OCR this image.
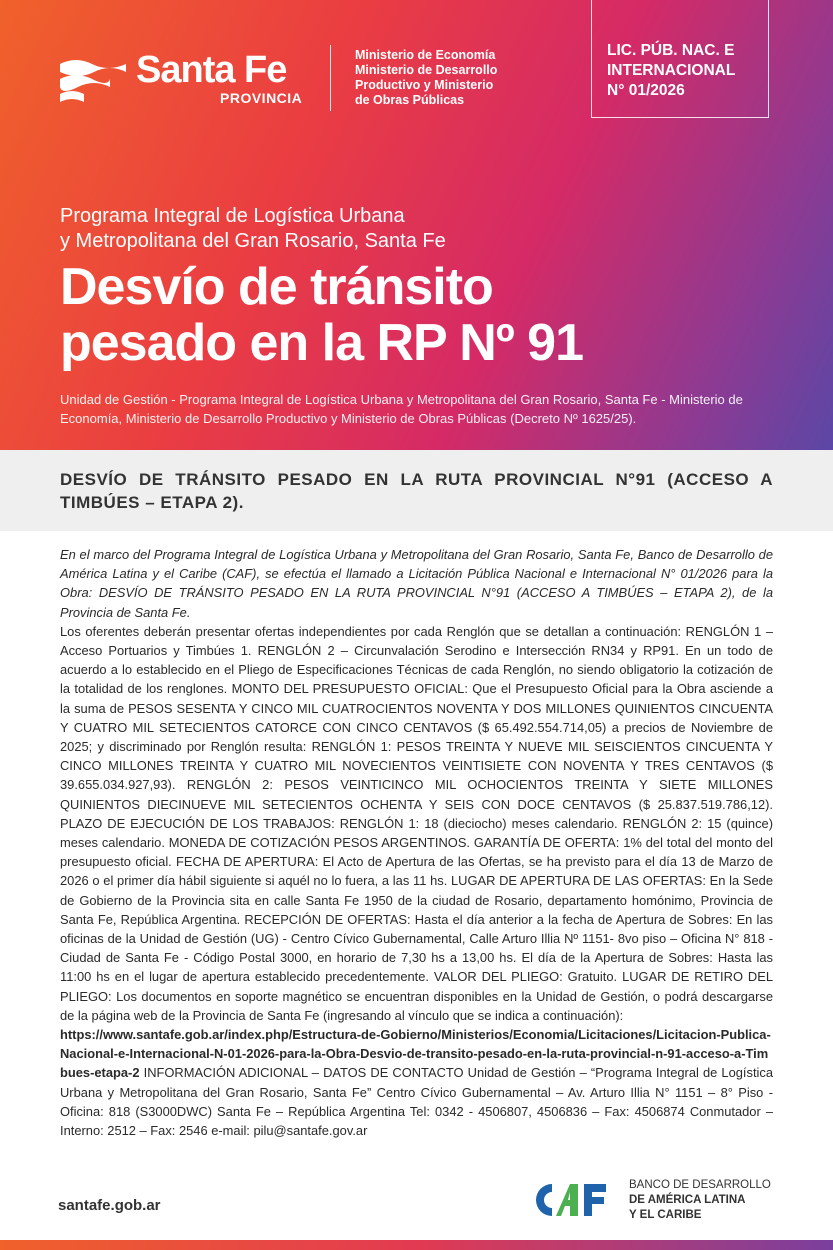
Santa Fe
PROVINCIA
Ministerio de Economía
Ministerio de Desarrollo
Productivo y Ministerio
de Obras Públicas
LIC. PÚB. NAC. E
INTERNACIONAL
N° 01/2026
Programa Integral de Logística Urbana
y Metropolitana del Gran Rosario, Santa Fe
Desvío de tránsito
pesado en la RP Nº 91
Unidad de Gestión - Programa Integral de Logística Urbana y Metropolitana del Gran Rosario, Santa Fe - Ministerio de Economía, Ministerio de Desarrollo Productivo y Ministerio de Obras Públicas (Decreto Nº 1625/25).
DESVÍO DE TRÁNSITO PESADO EN LA RUTA PROVINCIAL N°91 (ACCESO A TIMBÚES – ETAPA 2).

En el marco del Programa Integral de Logística Urbana y Metropolitana del Gran Rosario, Santa Fe, Banco de Desarrollo de América Latina y el Caribe (CAF), se efectúa el llamado a Licitación Pública Nacional e Internacional N° 01/2026 para la Obra: DESVÍO DE TRÁNSITO PESADO EN LA RUTA PROVINCIAL N°91 (ACCESO A TIMBÚES – ETAPA 2), de la Provincia de Santa Fe.

Los oferentes deberán presentar ofertas independientes por cada Renglón que se detallan a continuación: RENGLÓN 1 – Acceso Portuarios y Timbúes 1. RENGLÓN 2 – Circunvalación Serodino e Intersección RN34 y RP91. En un todo de acuerdo a lo establecido en el Pliego de Especificaciones Técnicas de cada Renglón, no siendo obligatorio la cotización de la totalidad de los renglones. MONTO DEL PRESUPUESTO OFICIAL: Que el Presupuesto Oficial para la Obra asciende a la suma de PESOS SESENTA Y CINCO MIL CUATROCIENTOS NOVENTA Y DOS MILLONES QUINIENTOS CINCUENTA Y CUATRO MIL SETECIENTOS CATORCE CON CINCO CENTAVOS ($ 65.492.554.714,05) a precios de Noviembre de 2025; y discriminado por Renglón resulta: RENGLÓN 1: PESOS TREINTA Y NUEVE MIL SEISCIENTOS CINCUENTA Y CINCO MILLONES TREINTA Y CUATRO MIL NOVECIENTOS VEINTISIETE CON NOVENTA Y TRES CENTAVOS ($ 39.655.034.927,93). RENGLÓN 2: PESOS VEINTICINCO MIL OCHOCIENTOS TREINTA Y SIETE MILLONES QUINIENTOS DIECINUEVE MIL SETECIENTOS OCHENTA Y SEIS CON DOCE CENTAVOS ($ 25.837.519.786,12). PLAZO DE EJECUCIÓN DE LOS TRABAJOS: RENGLÓN 1: 18 (dieciocho) meses calendario. RENGLÓN 2: 15 (quince) meses calendario. MONEDA DE COTIZACIÓN PESOS ARGENTINOS. GARANTÍA DE OFERTA: 1% del total del monto del presupuesto oficial. FECHA DE APERTURA: El Acto de Apertura de las Ofertas, se ha previsto para el día 13 de Marzo de 2026 o el primer día hábil siguiente si aquél no lo fuera, a las 11 hs. LUGAR DE APERTURA DE LAS OFERTAS: En la Sede de Gobierno de la Provincia sita en calle Santa Fe 1950 de la ciudad de Rosario, departamento homónimo, Provincia de Santa Fe, República Argentina. RECEPCIÓN DE OFERTAS: Hasta el día anterior a la fecha de Apertura de Sobres: En las oficinas de la Unidad de Gestión (UG) - Centro Cívico Gubernamental, Calle Arturo Illia Nº 1151- 8vo piso – Oficina N° 818 - Ciudad de Santa Fe - Código Postal 3000, en horario de 7,30 hs a 13,00 hs. El día de la Apertura de Sobres: Hasta las 11:00 hs en el lugar de apertura establecido precedentemente. VALOR DEL PLIEGO: Gratuito. LUGAR DE RETIRO DEL PLIEGO: Los documentos en soporte magnético se encuentran disponibles en la Unidad de Gestión, o podrá descargarse de la página web de la Provincia de Santa Fe (ingresando al vínculo que se indica a continuación):
https://www.santafe.gob.ar/index.php/Estructura-de-Gobierno/Ministerios/Economia/Licitaciones/Licitacion-Publica-Nacional-e-Internacional-N-01-2026-para-la-Obra-Desvio-de-transito-pesado-en-la-ruta-provincial-n-91-acceso-a-Timbues-etapa-2 INFORMACIÓN ADICIONAL – DATOS DE CONTACTO Unidad de Gestión – “Programa Integral de Logística Urbana y Metropolitana del Gran Rosario, Santa Fe” Centro Cívico Gubernamental – Av. Arturo Illia N° 1151 – 8° Piso - Oficina: 818 (S3000DWC) Santa Fe – República Argentina Tel: 0342 - 4506807, 4506836 – Fax: 4506874 Conmutador – Interno: 2512 – Fax: 2546 e-mail: pilu@santafe.gov.ar

santafe.gob.ar
CAF
BANCO DE DESARROLLO
DE AMÉRICA LATINA
Y EL CARIBE
